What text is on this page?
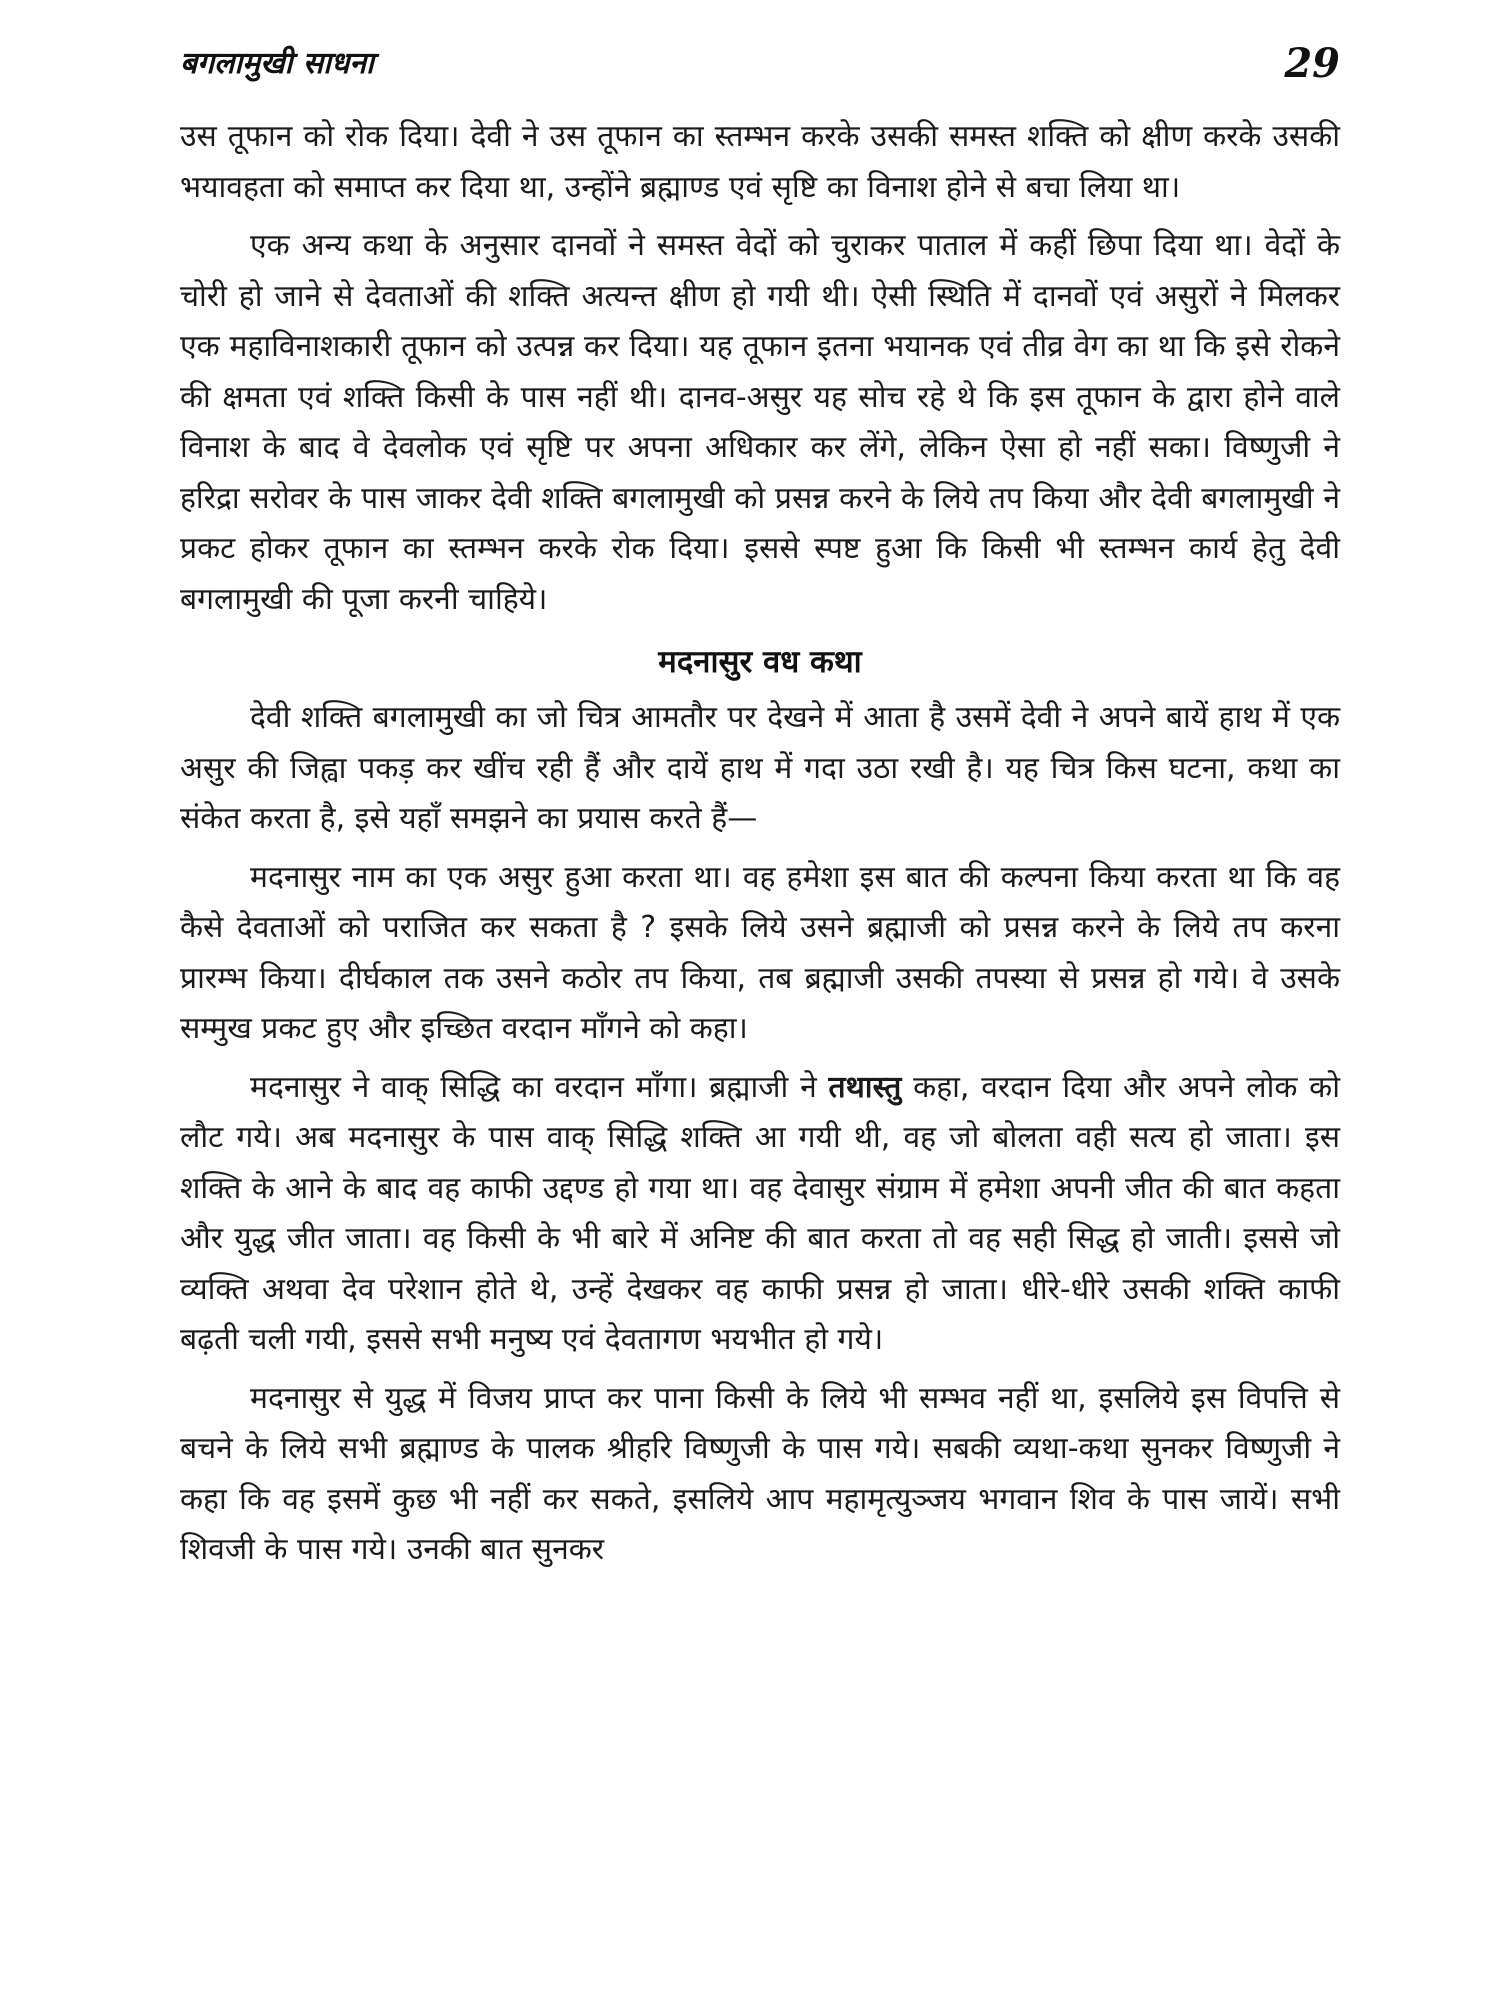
बगलामुखी साधना	29

उस तूफान को रोक दिया। देवी ने उस तूफान का स्तम्भन करके उसकी समस्त शक्ति को क्षीण करके उसकी भयावहता को समाप्त कर दिया था, उन्होंने ब्रह्माण्ड एवं सृष्टि का विनाश होने से बचा लिया था।

एक अन्य कथा के अनुसार दानवों ने समस्त वेदों को चुराकर पाताल में कहीं छिपा दिया था। वेदों के चोरी हो जाने से देवताओं की शक्ति अत्यन्त क्षीण हो गयी थी। ऐसी स्थिति में दानवों एवं असुरों ने मिलकर एक महाविनाशकारी तूफान को उत्पन्न कर दिया। यह तूफान इतना भयानक एवं तीव्र वेग का था कि इसे रोकने की क्षमता एवं शक्ति किसी के पास नहीं थी। दानव-असुर यह सोच रहे थे कि इस तूफान के द्वारा होने वाले विनाश के बाद वे देवलोक एवं सृष्टि पर अपना अधिकार कर लेंगे, लेकिन ऐसा हो नहीं सका। विष्णुजी ने हरिद्रा सरोवर के पास जाकर देवी शक्ति बगलामुखी को प्रसन्न करने के लिये तप किया और देवी बगलामुखी ने प्रकट होकर तूफान का स्तम्भन करके रोक दिया। इससे स्पष्ट हुआ कि किसी भी स्तम्भन कार्य हेतु देवी बगलामुखी की पूजा करनी चाहिये।

मदनासुर वध कथा

देवी शक्ति बगलामुखी का जो चित्र आमतौर पर देखने में आता है उसमें देवी ने अपने बायें हाथ में एक असुर की जिह्वा पकड़ कर खींच रही हैं और दायें हाथ में गदा उठा रखी है। यह चित्र किस घटना, कथा का संकेत करता है, इसे यहाँ समझने का प्रयास करते हैं—

मदनासुर नाम का एक असुर हुआ करता था। वह हमेशा इस बात की कल्पना किया करता था कि वह कैसे देवताओं को पराजित कर सकता है ? इसके लिये उसने ब्रह्माजी को प्रसन्न करने के लिये तप करना प्रारम्भ किया। दीर्घकाल तक उसने कठोर तप किया, तब ब्रह्माजी उसकी तपस्या से प्रसन्न हो गये। वे उसके सम्मुख प्रकट हुए और इच्छित वरदान माँगने को कहा।

मदनासुर ने वाक् सिद्धि का वरदान माँगा। ब्रह्माजी ने तथास्तु कहा, वरदान दिया और अपने लोक को लौट गये। अब मदनासुर के पास वाक् सिद्धि शक्ति आ गयी थी, वह जो बोलता वही सत्य हो जाता। इस शक्ति के आने के बाद वह काफी उद्दण्ड हो गया था। वह देवासुर संग्राम में हमेशा अपनी जीत की बात कहता और युद्ध जीत जाता। वह किसी के भी बारे में अनिष्ट की बात करता तो वह सही सिद्ध हो जाती। इससे जो व्यक्ति अथवा देव परेशान होते थे, उन्हें देखकर वह काफी प्रसन्न हो जाता। धीरे-धीरे उसकी शक्ति काफी बढ़ती चली गयी, इससे सभी मनुष्य एवं देवतागण भयभीत हो गये।

मदनासुर से युद्ध में विजय प्राप्त कर पाना किसी के लिये भी सम्भव नहीं था, इसलिये इस विपत्ति से बचने के लिये सभी ब्रह्माण्ड के पालक श्रीहरि विष्णुजी के पास गये। सबकी व्यथा-कथा सुनकर विष्णुजी ने कहा कि वह इसमें कुछ भी नहीं कर सकते, इसलिये आप महामृत्युञ्जय भगवान शिव के पास जायें। सभी शिवजी के पास गये। उनकी बात सुनकर
